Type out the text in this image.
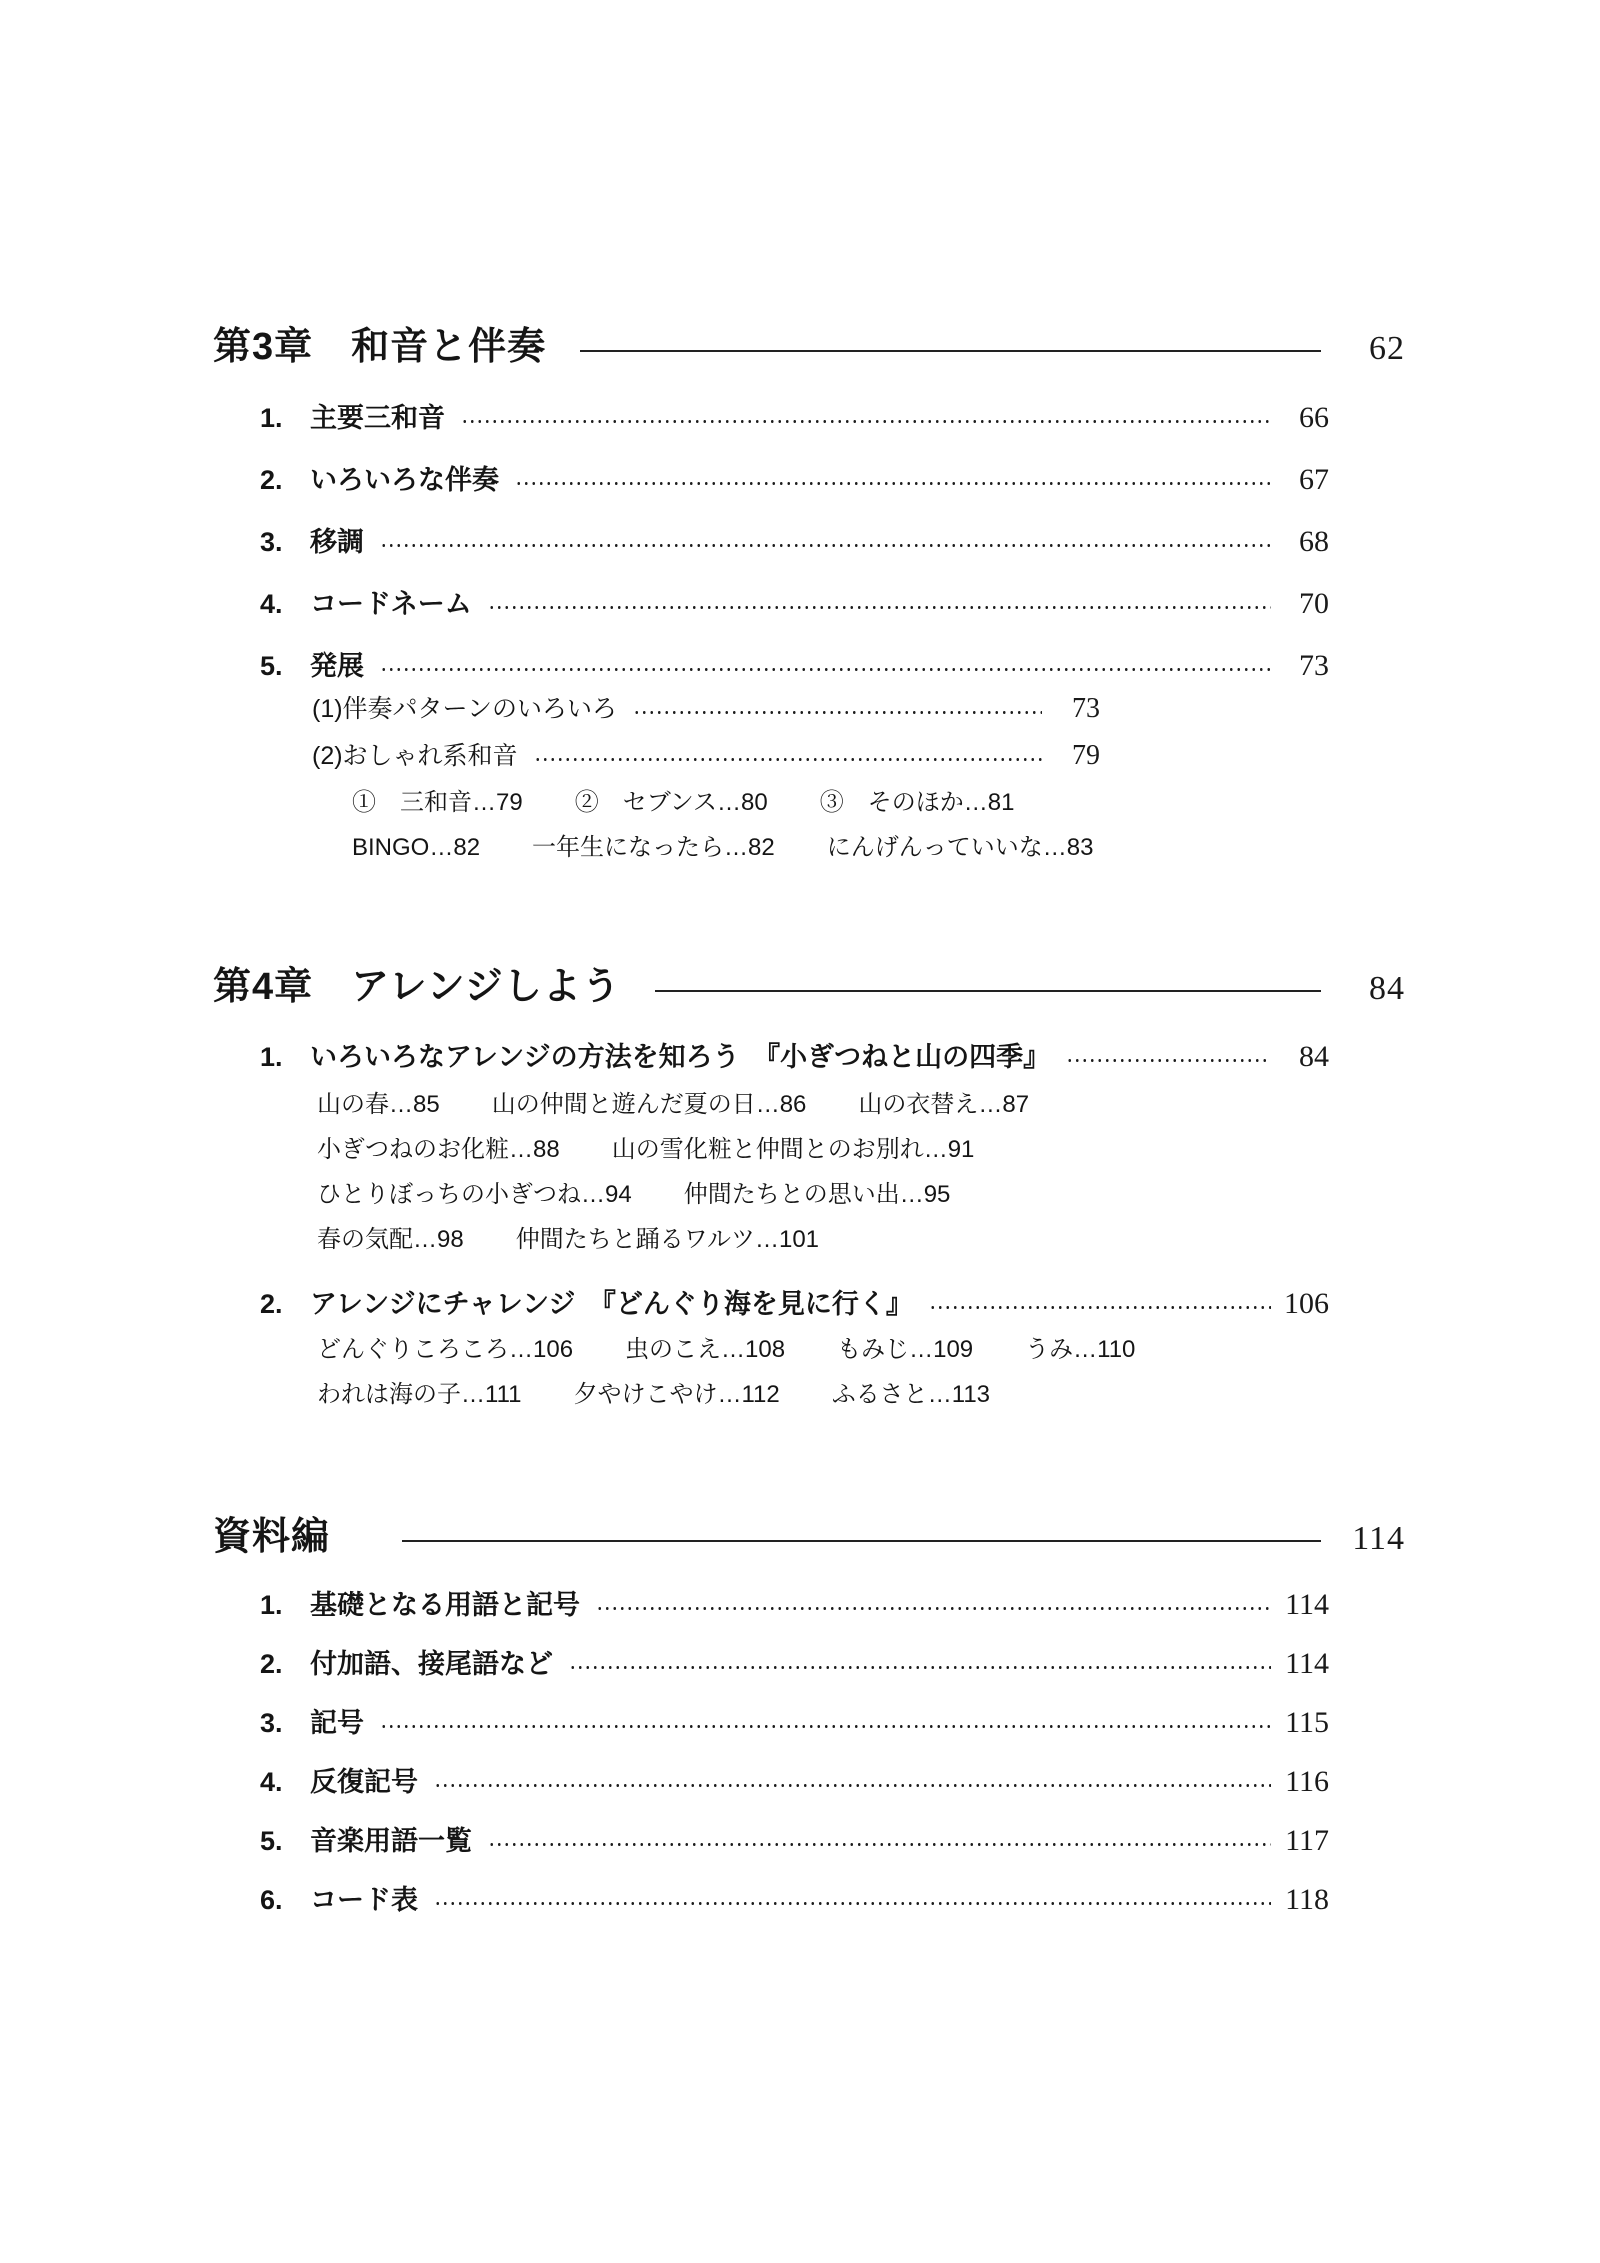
第3章 和音と伴奏	62
1.	主要三和音	66
2.	いろいろな伴奏	67
3.	移調	68
4.	コードネーム	70
5.	発展	73
(1)伴奏パターンのいろいろ	73
(2)おしゃれ系和音	79
①　三和音…79 ②　セブンス…80 ③　そのほか…81
BINGO…82 一年生になったら…82 にんげんっていいな…83
第4章 アレンジしよう	84
1.	いろいろなアレンジの方法を知ろう　『小ぎつねと山の四季』	84
山の春…85 山の仲間と遊んだ夏の日…86 山の衣替え…87
小ぎつねのお化粧…88 山の雪化粧と仲間とのお別れ…91
ひとりぼっちの小ぎつね…94 仲間たちとの思い出…95
春の気配…98 仲間たちと踊るワルツ…101
2.	アレンジにチャレンジ　『どんぐり海を見に行く』	106
どんぐりころころ…106 虫のこえ…108 もみじ…109 うみ…110
われは海の子…111 夕やけこやけ…112 ふるさと…113
資料編	114
1.	基礎となる用語と記号	114
2.	付加語、接尾語など	114
3.	記号	115
4.	反復記号	116
5.	音楽用語一覧	117
6.	コード表	118
